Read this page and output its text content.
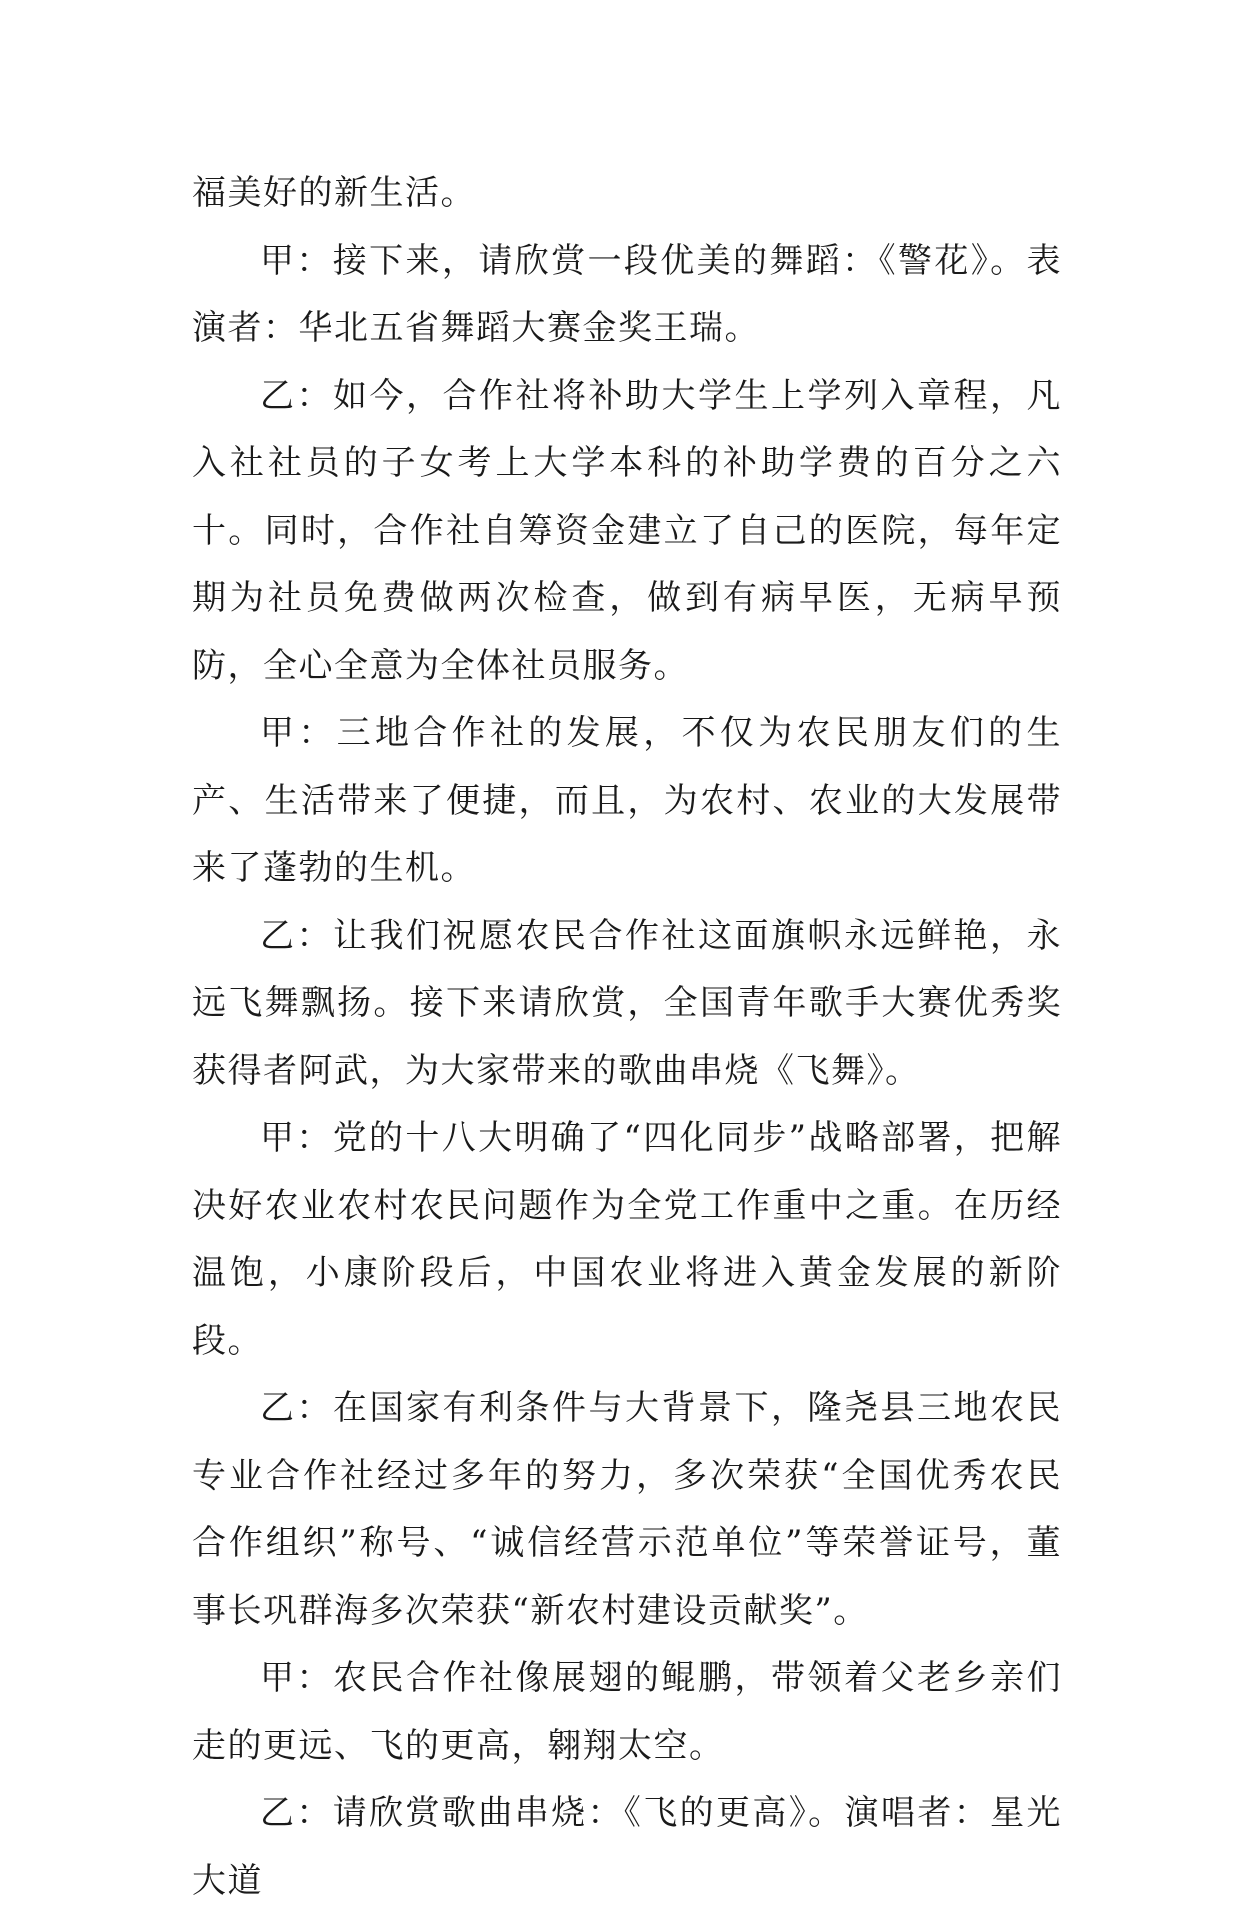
福美好的新生活。

甲：接下来，请欣赏一段优美的舞蹈：《警花》。表演者：华北五省舞蹈大赛金奖王瑞。

乙：如今，合作社将补助大学生上学列入章程，凡入社社员的子女考上大学本科的补助学费的百分之六十。同时，合作社自筹资金建立了自己的医院，每年定期为社员免费做两次检查，做到有病早医，无病早预防，全心全意为全体社员服务。

甲：三地合作社的发展，不仅为农民朋友们的生产、生活带来了便捷，而且，为农村、农业的大发展带来了蓬勃的生机。

乙：让我们祝愿农民合作社这面旗帜永远鲜艳，永远飞舞飘扬。接下来请欣赏，全国青年歌手大赛优秀奖获得者阿武，为大家带来的歌曲串烧《飞舞》。

甲：党的十八大明确了“四化同步”战略部署，把解决好农业农村农民问题作为全党工作重中之重。在历经温饱，小康阶段后，中国农业将进入黄金发展的新阶段。

乙：在国家有利条件与大背景下，隆尧县三地农民专业合作社经过多年的努力，多次荣获“全国优秀农民合作组织”称号、“诚信经营示范单位”等荣誉证号，董事长巩群海多次荣获“新农村建设贡献奖”。

甲：农民合作社像展翅的鲲鹏，带领着父老乡亲们走的更远、飞的更高，翱翔太空。

乙：请欣赏歌曲串烧：《飞的更高》。演唱者：星光大道
